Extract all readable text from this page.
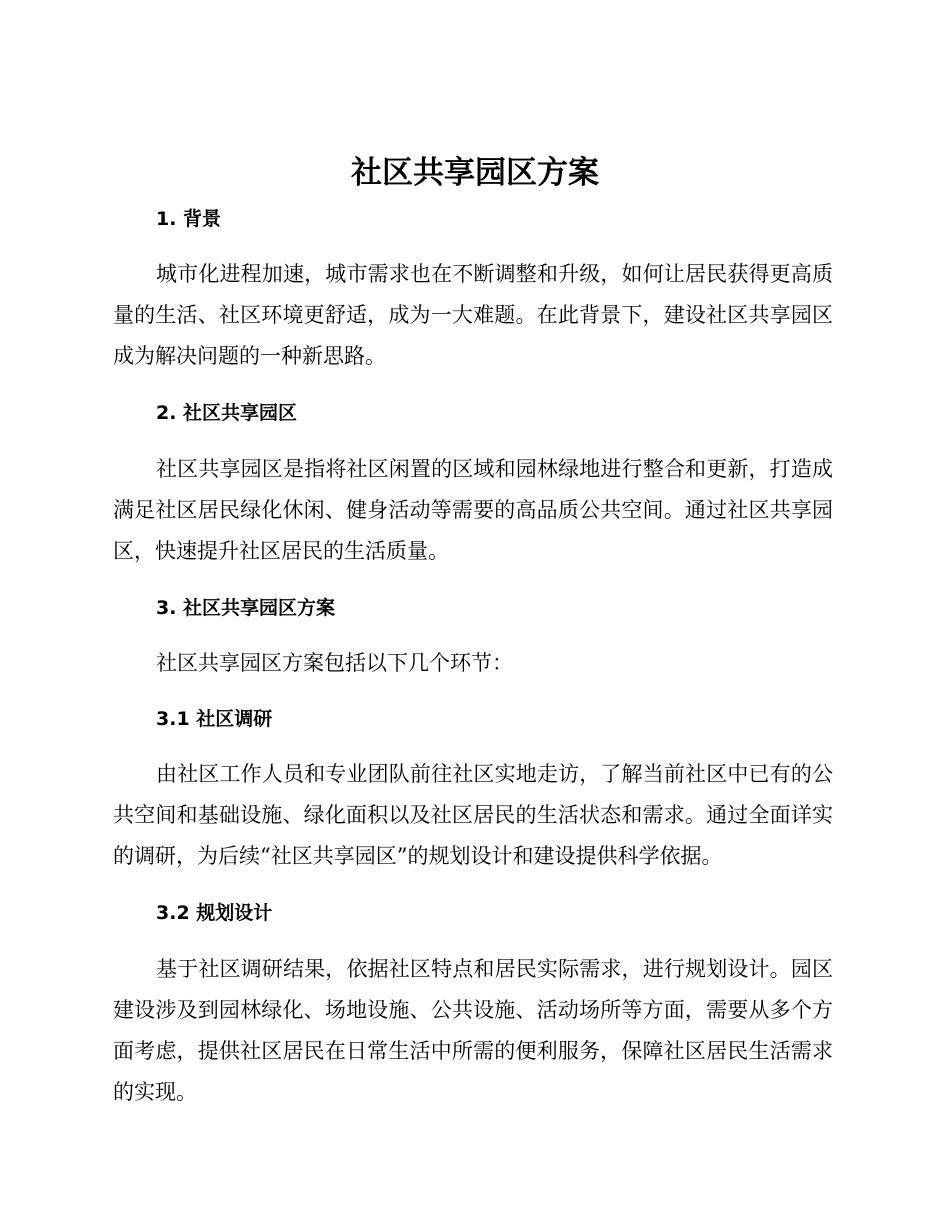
社区共享园区方案
1. 背景

城市化进程加速，城市需求也在不断调整和升级，如何让居民获得更高质量的生活、社区环境更舒适，成为一大难题。在此背景下，建设社区共享园区成为解决问题的一种新思路。

2. 社区共享园区

社区共享园区是指将社区闲置的区域和园林绿地进行整合和更新，打造成满足社区居民绿化休闲、健身活动等需要的高品质公共空间。通过社区共享园区，快速提升社区居民的生活质量。

3. 社区共享园区方案

社区共享园区方案包括以下几个环节：

3.1 社区调研

由社区工作人员和专业团队前往社区实地走访，了解当前社区中已有的公共空间和基础设施、绿化面积以及社区居民的生活状态和需求。通过全面详实的调研，为后续“社区共享园区”的规划设计和建设提供科学依据。

3.2 规划设计

基于社区调研结果，依据社区特点和居民实际需求，进行规划设计。园区建设涉及到园林绿化、场地设施、公共设施、活动场所等方面，需要从多个方面考虑，提供社区居民在日常生活中所需的便利服务，保障社区居民生活需求的实现。
